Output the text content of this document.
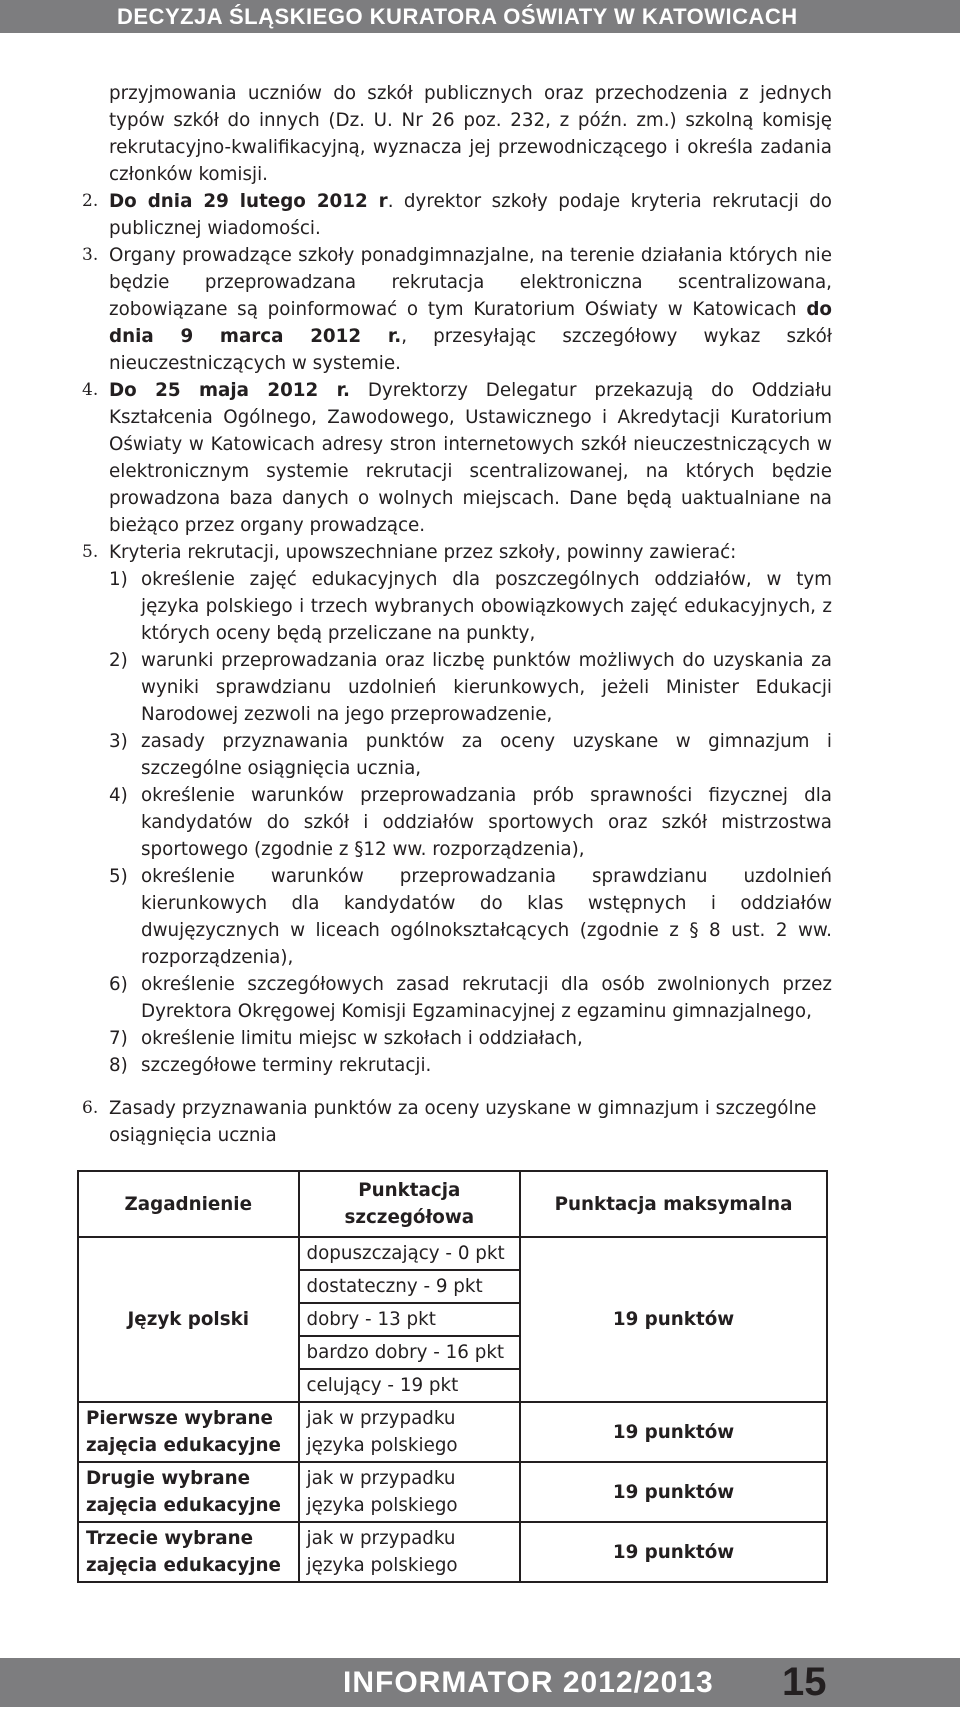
DECYZJA ŚLĄSKIEGO KURATORA OŚWIATY W KATOWICACH
przyjmowania uczniów do szkół publicznych oraz przechodzenia z jednych typów szkół do innych (Dz. U. Nr 26 poz. 232, z późn. zm.) szkolną komisję rekrutacyjno-kwalifikacyjną, wyznacza jej przewodniczącego i określa zadania członków komisji.
2. Do dnia 29 lutego 2012 r. dyrektor szkoły podaje kryteria rekrutacji do publicznej wiadomości.
3. Organy prowadzące szkoły ponadgimnazjalne, na terenie działania których nie będzie przeprowadzana rekrutacja elektroniczna scentralizowana, zobowiązane są poinformować o tym Kuratorium Oświaty w Katowicach do dnia 9 marca 2012 r., przesyłając szczegółowy wykaz szkół nieuczestniczących w systemie.
4. Do 25 maja 2012 r. Dyrektorzy Delegatur przekazują do Oddziału Kształcenia Ogólnego, Zawodowego, Ustawicznego i Akredytacji Kuratorium Oświaty w Katowicach adresy stron internetowych szkół nieuczestniczących w elektronicznym systemie rekrutacji scentralizowanej, na których będzie prowadzona baza danych o wolnych miejscach. Dane będą uaktualniane na bieżąco przez organy prowadzące.
5. Kryteria rekrutacji, upowszechniane przez szkoły, powinny zawierać:
1) określenie zajęć edukacyjnych dla poszczególnych oddziałów, w tym języka polskiego i trzech wybranych obowiązkowych zajęć edukacyjnych, z których oceny będą przeliczane na punkty,
2) warunki przeprowadzania oraz liczbę punktów możliwych do uzyskania za wyniki sprawdzianu uzdolnień kierunkowych, jeżeli Minister Edukacji Narodowej zezwoli na jego przeprowadzenie,
3) zasady przyznawania punktów za oceny uzyskane w gimnazjum i szczególne osiągnięcia ucznia,
4) określenie warunków przeprowadzania prób sprawności fizycznej dla kandydatów do szkół i oddziałów sportowych oraz szkół mistrzostwa sportowego (zgodnie z §12 ww. rozporządzenia),
5) określenie warunków przeprowadzania sprawdzianu uzdolnień kierunkowych dla kandydatów do klas wstępnych i oddziałów dwujęzycznych w liceach ogólnokształcących (zgodnie z § 8 ust. 2 ww. rozporządzenia),
6) określenie szczegółowych zasad rekrutacji dla osób zwolnionych przez Dyrektora Okręgowej Komisji Egzaminacyjnej z egzaminu gimnazjalnego,
7) określenie limitu miejsc w szkołach i oddziałach,
8) szczegółowe terminy rekrutacji.
6. Zasady przyznawania punktów za oceny uzyskane w gimnazjum i szczególne osiągnięcia ucznia
Zagadnienie	Punktacja szczegółowa	Punktacja maksymalna
Język polski	dopuszczający - 0 pkt	19 punktów
	dostateczny - 9 pkt	
	dobry - 13 pkt	
	bardzo dobry - 16 pkt	
	celujący - 19 pkt	
Pierwsze wybrane zajęcia edukacyjne	jak w przypadku języka polskiego	19 punktów
Drugie wybrane zajęcia edukacyjne	jak w przypadku języka polskiego	19 punktów
Trzecie wybrane zajęcia edukacyjne	jak w przypadku języka polskiego	19 punktów
INFORMATOR 2012/2013 15
